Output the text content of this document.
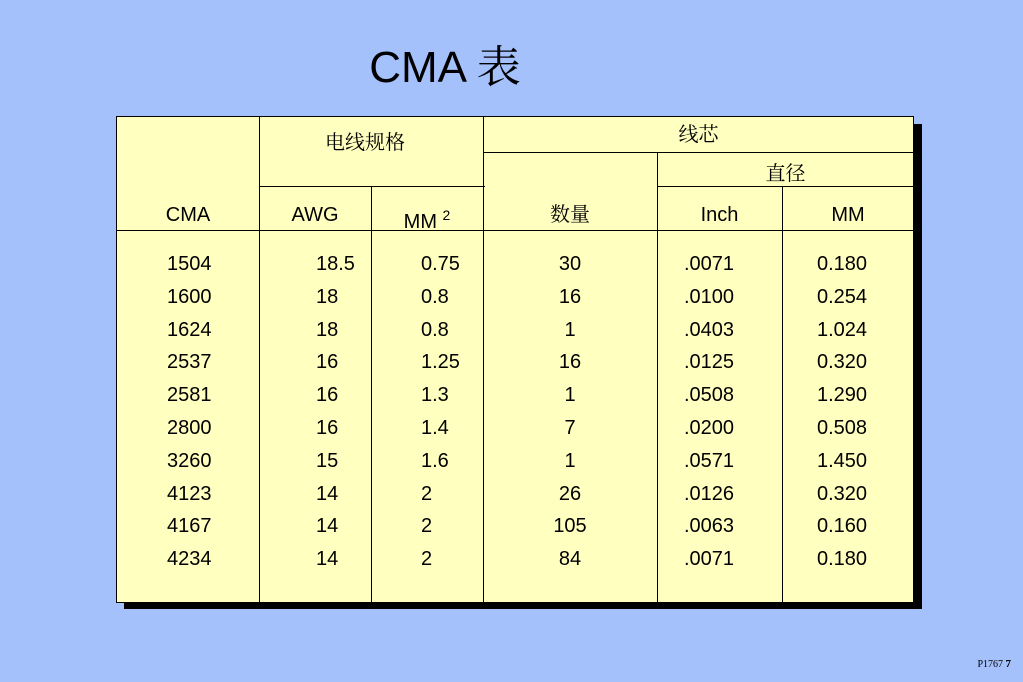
CMA 表
电线规格	线芯
直径
CMA	AWG	MM $^2$	数量	Inch	MM
1504	18.5	0.75	30	.0071	0.180
1600	18	0.8	16	.0100	0.254
1624	18	0.8	1	.0403	1.024
2537	16	1.25	16	.0125	0.320
2581	16	1.3	1	.0508	1.290
2800	16	1.4	7	.0200	0.508
3260	15	1.6	1	.0571	1.450
4123	14	2	26	.0126	0.320
4167	14	2	105	.0063	0.160
4234	14	2	84	.0071	0.180
P1767 7
